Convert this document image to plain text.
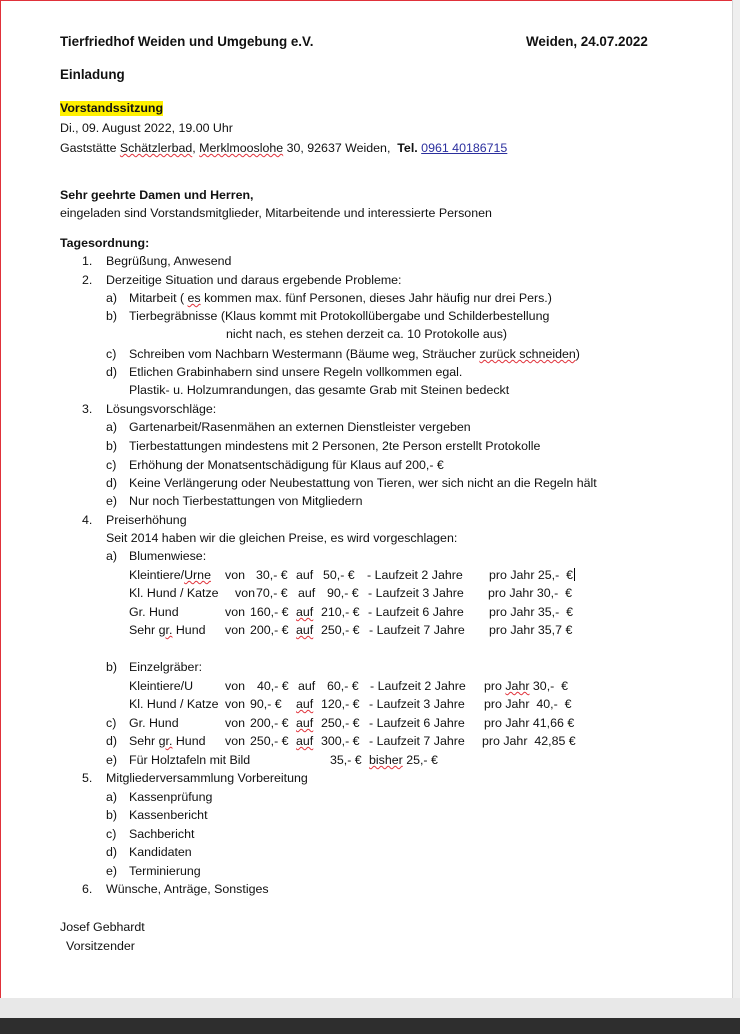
Tierfriedhof Weiden und Umgebung e.V.	Weiden, 24.07.2022
Einladung
Vorstandssitzung
Di., 09. August 2022, 19.00 Uhr
Gaststätte Schätzlerbad, Merklmooslohe 30, 92637 Weiden,  Tel. 0961 40186715
Sehr geehrte Damen und Herren,
eingeladen sind Vorstandsmitglieder, Mitarbeitende und interessierte Personen
Tagesordnung:
1. Begrüßung, Anwesend
2. Derzeitige Situation und daraus ergebende Probleme:
a) Mitarbeit ( es kommen max. fünf Personen, dieses Jahr häufig nur drei Pers.)
b) Tierbegräbnisse (Klaus kommt mit Protokollübergabe und Schilderbestellung
nicht nach, es stehen derzeit ca. 10 Protokolle aus)
c) Schreiben vom Nachbarn Westermann (Bäume weg, Sträucher zurück schneiden)
d) Etlichen Grabinhabern sind unsere Regeln vollkommen egal.
Plastik- u. Holzumrandungen, das gesamte Grab mit Steinen bedeckt
3. Lösungsvorschläge:
a) Gartenarbeit/Rasenmähen an externen Dienstleister vergeben
b) Tierbestattungen mindestens mit 2 Personen, 2te Person erstellt Protokolle
c) Erhöhung der Monatsentschädigung für Klaus auf 200,- €
d) Keine Verlängerung oder Neubestattung von Tieren, wer sich nicht an die Regeln hält
e) Nur noch Tierbestattungen von Mitgliedern
4. Preiserhöhung
Seit 2014 haben wir die gleichen Preise, es wird vorgeschlagen:
a) Blumenwiese:
Kleintiere/Urne von 30,- € auf 50,- € - Laufzeit 2 Jahre pro Jahr 25,-  €
Kl. Hund / Katze von 70,- € auf 90,- € - Laufzeit 3 Jahre pro Jahr 30,-  €
Gr. Hund	von 160,- € auf 210,- € - Laufzeit 6 Jahre pro Jahr 35,-  €
Sehr gr. Hund von 200,- € auf 250,- € - Laufzeit 7 Jahre pro Jahr 35,7 €
b) Einzelgräber:
Kleintiere/U	von 40,- € auf 60,- € - Laufzeit 2 Jahre pro Jahr 30,-  €
Kl. Hund / Katze von 90,- € auf 120,- € - Laufzeit 3 Jahre pro Jahr  40,-  €
c) Gr. Hund	von 200,- € auf 250,- € - Laufzeit 6 Jahre pro Jahr 41,66 €
d) Sehr gr. Hund von 250,- € auf 300,- € - Laufzeit 7 Jahre pro Jahr  42,85 €
e) Für Holztafeln mit Bild	35,- € bisher 25,- €
5. Mitgliederversammlung Vorbereitung
a) Kassenprüfung
b) Kassenbericht
c) Sachbericht
d) Kandidaten
e) Terminierung
6. Wünsche, Anträge, Sonstiges
Josef Gebhardt
Vorsitzender
